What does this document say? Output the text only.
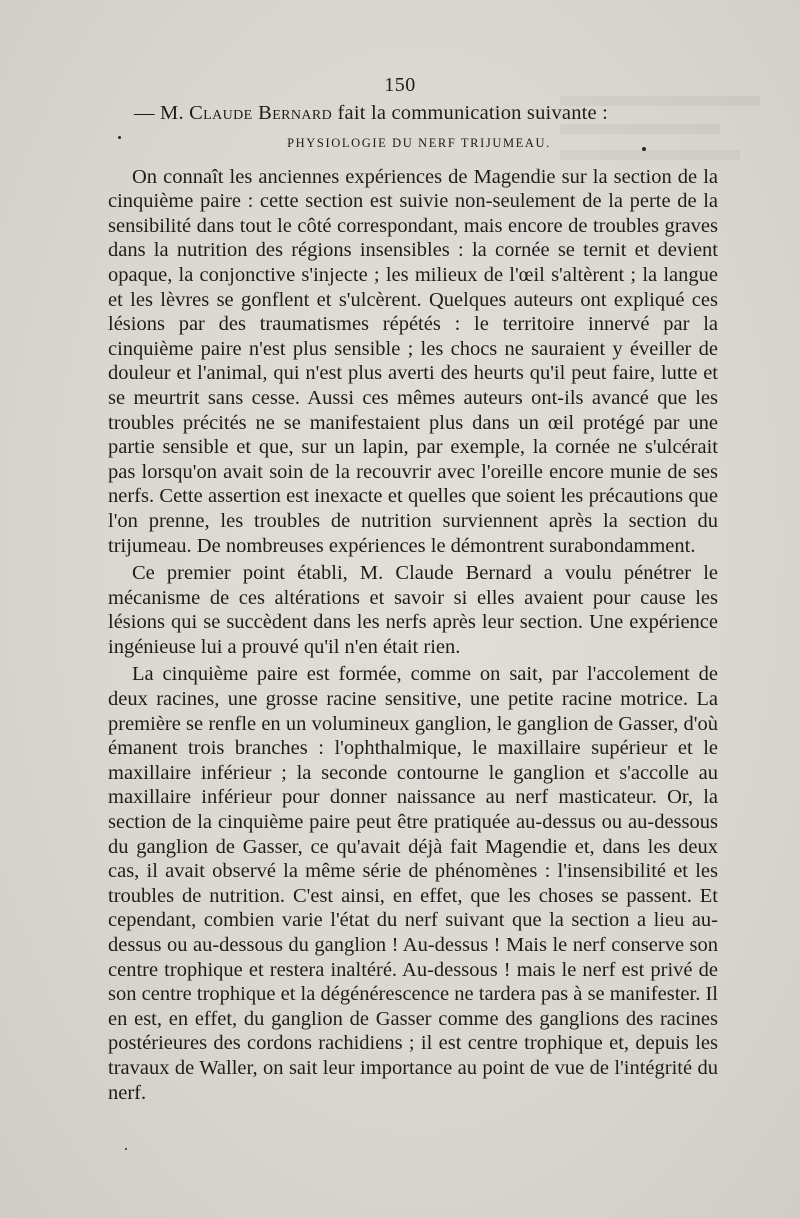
150

— M. Claude Bernard fait la communication suivante :

PHYSIOLOGIE DU NERF TRIJUMEAU.

On connaît les anciennes expériences de Magendie sur la section de la cinquième paire : cette section est suivie non-seulement de la perte de la sensibilité dans tout le côté correspondant, mais encore de troubles graves dans la nutrition des régions insensibles : la cornée se ternit et devient opaque, la conjonctive s'injecte ; les milieux de l'œil s'altèrent ; la langue et les lèvres se gonflent et s'ulcèrent. Quelques auteurs ont expliqué ces lésions par des traumatismes répétés : le territoire innervé par la cinquième paire n'est plus sensible ; les chocs ne sauraient y éveiller de douleur et l'animal, qui n'est plus averti des heurts qu'il peut faire, lutte et se meurtrit sans cesse. Aussi ces mêmes auteurs ont-ils avancé que les troubles précités ne se manifestaient plus dans un œil protégé par une partie sensible et que, sur un lapin, par exemple, la cornée ne s'ulcérait pas lorsqu'on avait soin de la recouvrir avec l'oreille encore munie de ses nerfs. Cette assertion est inexacte et quelles que soient les précautions que l'on prenne, les troubles de nutrition surviennent après la section du trijumeau. De nombreuses expériences le démontrent surabondamment.

Ce premier point établi, M. Claude Bernard a voulu pénétrer le mécanisme de ces altérations et savoir si elles avaient pour cause les lésions qui se succèdent dans les nerfs après leur section. Une expérience ingénieuse lui a prouvé qu'il n'en était rien.

La cinquième paire est formée, comme on sait, par l'accolement de deux racines, une grosse racine sensitive, une petite racine motrice. La première se renfle en un volumineux ganglion, le ganglion de Gasser, d'où émanent trois branches : l'ophthalmique, le maxillaire supérieur et le maxillaire inférieur ; la seconde contourne le ganglion et s'accolle au maxillaire inférieur pour donner naissance au nerf masticateur. Or, la section de la cinquième paire peut être pratiquée au-dessus ou au-dessous du ganglion de Gasser, ce qu'avait déjà fait Magendie et, dans les deux cas, il avait observé la même série de phénomènes : l'insensibilité et les troubles de nutrition. C'est ainsi, en effet, que les choses se passent. Et cependant, combien varie l'état du nerf suivant que la section a lieu au-dessus ou au-dessous du ganglion ! Au-dessus ! Mais le nerf conserve son centre trophique et restera inaltéré. Au-dessous ! mais le nerf est privé de son centre trophique et la dégénérescence ne tardera pas à se manifester. Il en est, en effet, du ganglion de Gasser comme des ganglions des racines postérieures des cordons rachidiens ; il est centre trophique et, depuis les travaux de Waller, on sait leur importance au point de vue de l'intégrité du nerf.
